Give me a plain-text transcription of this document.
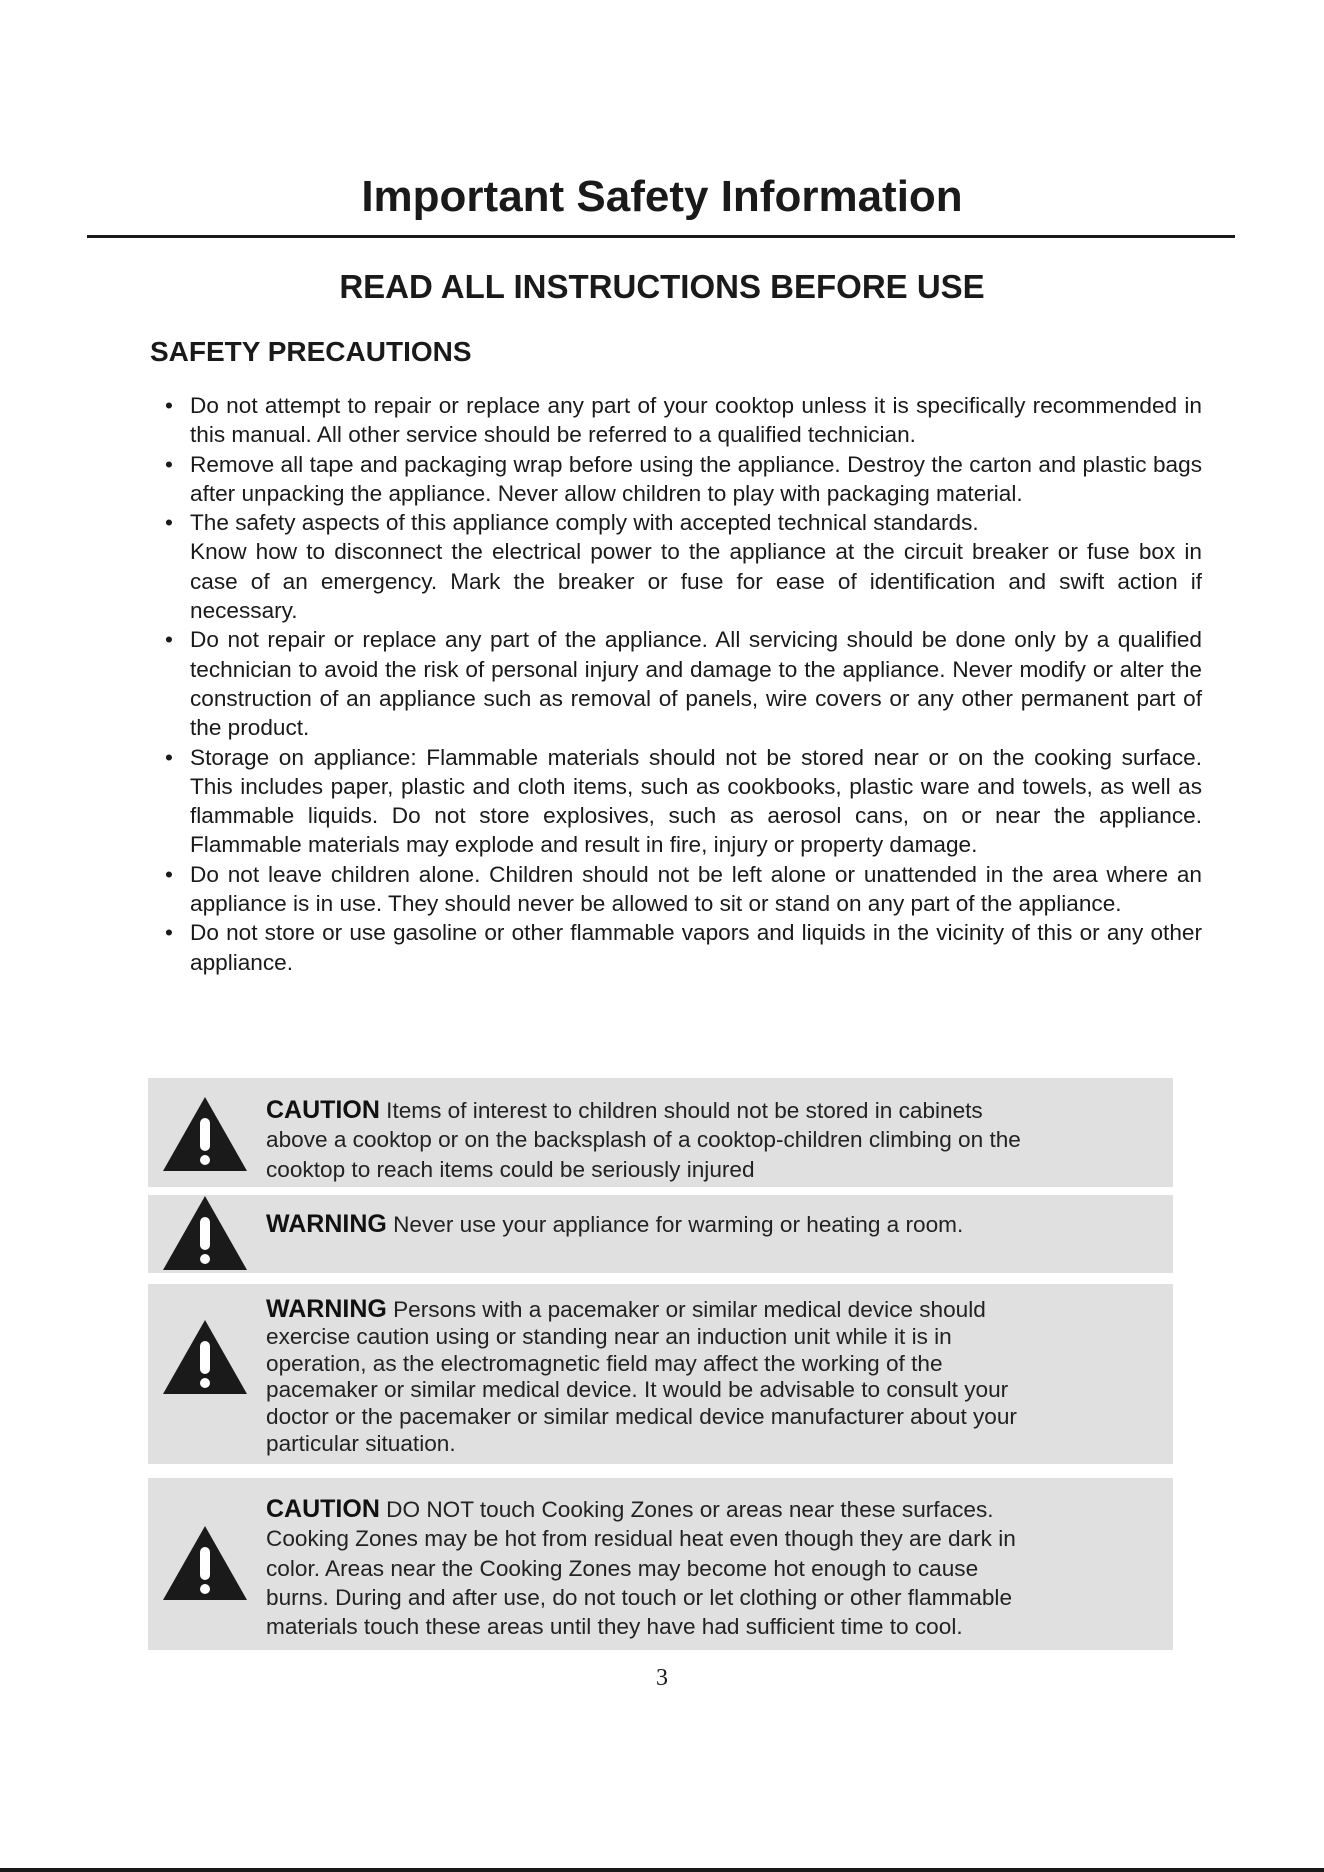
Important Safety Information
READ ALL INSTRUCTIONS BEFORE USE
SAFETY PRECAUTIONS
• Do not attempt to repair or replace any part of your cooktop unless it is specifically recommended in this manual. All other service should be referred to a qualified technician.
• Remove all tape and packaging wrap before using the appliance. Destroy the carton and plastic bags after unpacking the appliance. Never allow children to play with packaging material.
• The safety aspects of this appliance comply with accepted technical standards.
Know how to disconnect the electrical power to the appliance at the circuit breaker or fuse box in case of an emergency. Mark the breaker or fuse for ease of identification and swift action if necessary.
• Do not repair or replace any part of the appliance. All servicing should be done only by a qualified technician to avoid the risk of personal injury and damage to the appliance. Never modify or alter the construction of an appliance such as removal of panels, wire covers or any other permanent part of the product.
• Storage on appliance: Flammable materials should not be stored near or on the cooking surface. This includes paper, plastic and cloth items, such as cookbooks, plastic ware and towels, as well as flammable liquids. Do not store explosives, such as aerosol cans, on or near the appliance. Flammable materials may explode and result in fire, injury or property damage.
• Do not leave children alone. Children should not be left alone or unattended in the area where an appliance is in use. They should never be allowed to sit or stand on any part of the appliance.
• Do not store or use gasoline or other flammable vapors and liquids in the vicinity of this or any other appliance.
CAUTION Items of interest to children should not be stored in cabinets
above a cooktop or on the backsplash of a cooktop-children climbing on the
cooktop to reach items could be seriously injured
WARNING Never use your appliance for warming or heating a room.
WARNING Persons with a pacemaker or similar medical device should
exercise caution using or standing near an induction unit while it is in
operation, as the electromagnetic field may affect the working of the
pacemaker or similar medical device. It would be advisable to consult your
doctor or the pacemaker or similar medical device manufacturer about your
particular situation.
CAUTION DO NOT touch Cooking Zones or areas near these surfaces.
Cooking Zones may be hot from residual heat even though they are dark in
color. Areas near the Cooking Zones may become hot enough to cause
burns. During and after use, do not touch or let clothing or other flammable
materials touch these areas until they have had sufficient time to cool.
3
